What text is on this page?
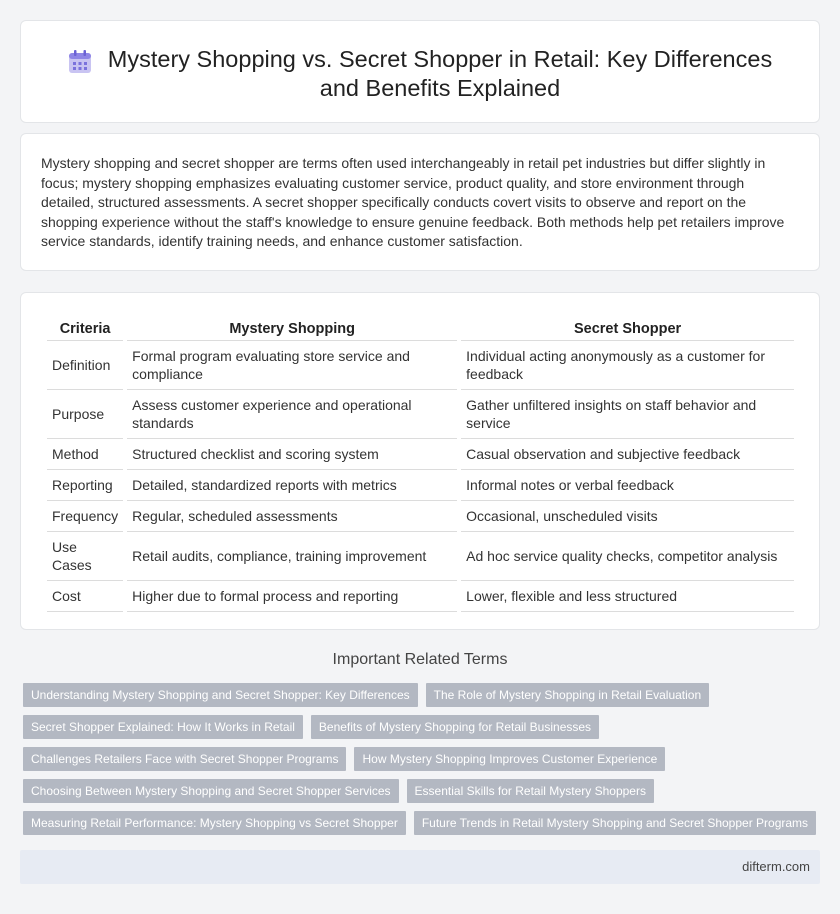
Mystery Shopping vs. Secret Shopper in Retail: Key Differences and Benefits Explained

Mystery shopping and secret shopper are terms often used interchangeably in retail pet industries but differ slightly in focus; mystery shopping emphasizes evaluating customer service, product quality, and store environment through detailed, structured assessments. A secret shopper specifically conducts covert visits to observe and report on the shopping experience without the staff's knowledge to ensure genuine feedback. Both methods help pet retailers improve service standards, identify training needs, and enhance customer satisfaction.

Criteria	Mystery Shopping	Secret Shopper
Definition	Formal program evaluating store service and compliance	Individual acting anonymously as a customer for feedback
Purpose	Assess customer experience and operational standards	Gather unfiltered insights on staff behavior and service
Method	Structured checklist and scoring system	Casual observation and subjective feedback
Reporting	Detailed, standardized reports with metrics	Informal notes or verbal feedback
Frequency	Regular, scheduled assessments	Occasional, unscheduled visits
Use Cases	Retail audits, compliance, training improvement	Ad hoc service quality checks, competitor analysis
Cost	Higher due to formal process and reporting	Lower, flexible and less structured
Important Related Terms
Understanding Mystery Shopping and Secret Shopper: Key Differences	The Role of Mystery Shopping in Retail Evaluation
Secret Shopper Explained: How It Works in Retail	Benefits of Mystery Shopping for Retail Businesses
Challenges Retailers Face with Secret Shopper Programs	How Mystery Shopping Improves Customer Experience
Choosing Between Mystery Shopping and Secret Shopper Services	Essential Skills for Retail Mystery Shoppers
Measuring Retail Performance: Mystery Shopping vs Secret Shopper	Future Trends in Retail Mystery Shopping and Secret Shopper Programs
difterm.com
